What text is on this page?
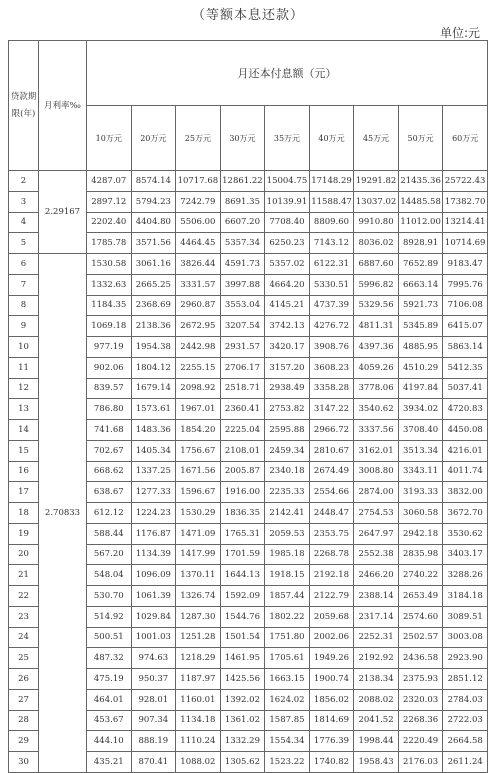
（等额本息还款）
单位:元
贷款期限(年)	月利率‰	月还本付息额（元）								
		10万元	20万元	25万元	30万元	35万元	40万元	45万元	50万元	60万元
2	2.29167	4287.07	8574.14	10717.68	12861.22	15004.75	17148.29	19291.82	21435.36	25722.43
3		2897.12	5794.23	7242.79	8691.35	10139.91	11588.47	13037.02	14485.58	17382.70
4		2202.40	4404.80	5506.00	6607.20	7708.40	8809.60	9910.80	11012.00	13214.41
5		1785.78	3571.56	4464.45	5357.34	6250.23	7143.12	8036.02	8928.91	10714.69
6	2.70833	1530.58	3061.16	3826.44	4591.73	5357.02	6122.31	6887.60	7652.89	9183.47
7		1332.63	2665.25	3331.57	3997.88	4664.20	5330.51	5996.82	6663.14	7995.76
8		1184.35	2368.69	2960.87	3553.04	4145.21	4737.39	5329.56	5921.73	7106.08
9		1069.18	2138.36	2672.95	3207.54	3742.13	4276.72	4811.31	5345.89	6415.07
10		977.19	1954.38	2442.98	2931.57	3420.17	3908.76	4397.36	4885.95	5863.14
11		902.06	1804.12	2255.15	2706.17	3157.20	3608.23	4059.26	4510.29	5412.35
12		839.57	1679.14	2098.92	2518.71	2938.49	3358.28	3778.06	4197.84	5037.41
13		786.80	1573.61	1967.01	2360.41	2753.82	3147.22	3540.62	3934.02	4720.83
14		741.68	1483.36	1854.20	2225.04	2595.88	2966.72	3337.56	3708.40	4450.08
15		702.67	1405.34	1756.67	2108.01	2459.34	2810.67	3162.01	3513.34	4216.01
16		668.62	1337.25	1671.56	2005.87	2340.18	2674.49	3008.80	3343.11	4011.74
17		638.67	1277.33	1596.67	1916.00	2235.33	2554.66	2874.00	3193.33	3832.00
18		612.12	1224.23	1530.29	1836.35	2142.41	2448.47	2754.53	3060.58	3672.70
19		588.44	1176.87	1471.09	1765.31	2059.53	2353.75	2647.97	2942.18	3530.62
20		567.20	1134.39	1417.99	1701.59	1985.18	2268.78	2552.38	2835.98	3403.17
21		548.04	1096.09	1370.11	1644.13	1918.15	2192.18	2466.20	2740.22	3288.26
22		530.70	1061.39	1326.74	1592.09	1857.44	2122.79	2388.14	2653.49	3184.18
23		514.92	1029.84	1287.30	1544.76	1802.22	2059.68	2317.14	2574.60	3089.51
24		500.51	1001.03	1251.28	1501.54	1751.80	2002.06	2252.31	2502.57	3003.08
25		487.32	974.63	1218.29	1461.95	1705.61	1949.26	2192.92	2436.58	2923.90
26		475.19	950.37	1187.97	1425.56	1663.15	1900.74	2138.34	2375.93	2851.12
27		464.01	928.01	1160.01	1392.02	1624.02	1856.02	2088.02	2320.03	2784.03
28		453.67	907.34	1134.18	1361.02	1587.85	1814.69	2041.52	2268.36	2722.03
29		444.10	888.19	1110.24	1332.29	1554.34	1776.39	1998.44	2220.49	2664.58
30		435.21	870.41	1088.02	1305.62	1523.22	1740.82	1958.43	2176.03	2611.24
